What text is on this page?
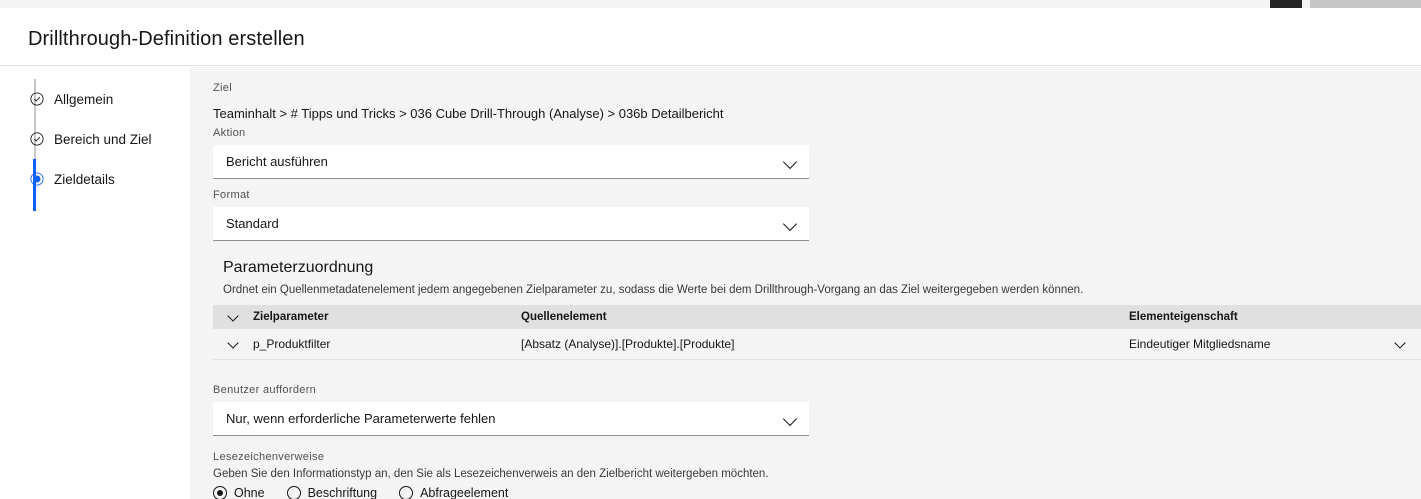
Drillthrough-Definition erstellen
Allgemein
Bereich und Ziel
Zieldetails
Ziel
Teaminhalt > # Tipps und Tricks > 036 Cube Drill-Through (Analyse) > 036b Detailbericht
Aktion
Bericht ausführen
Format
Standard
Parameterzuordnung
Ordnet ein Quellenmetadatenelement jedem angegebenen Zielparameter zu, sodass die Werte bei dem Drillthrough-Vorgang an das Ziel weitergegeben werden können.
Zielparameter	Quellenelement	Elementeigenschaft
p_Produktfilter	[Absatz (Analyse)].[Produkte].[Produkte]	Eindeutiger Mitgliedsname
Benutzer auffordern
Nur, wenn erforderliche Parameterwerte fehlen
Lesezeichenverweise
Geben Sie den Informationstyp an, den Sie als Lesezeichenverweis an den Zielbericht weitergeben möchten.
Ohne	Beschriftung	Abfrageelement
